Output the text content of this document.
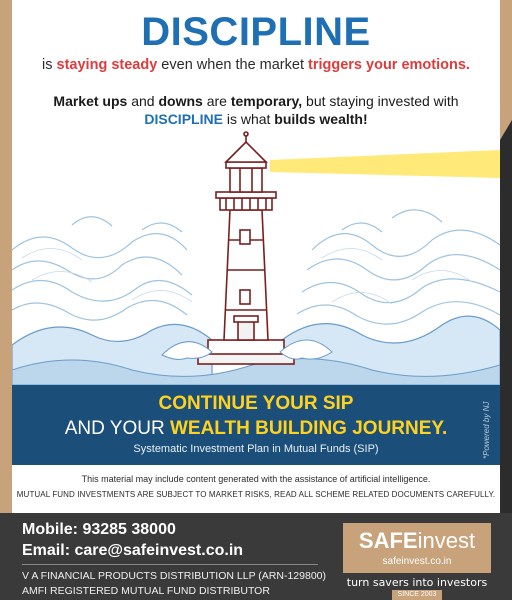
DISCIPLINE
is staying steady even when the market triggers your emotions.
Market ups and downs are temporary, but staying invested with
DISCIPLINE is what builds wealth!
CONTINUE YOUR SIP
AND YOUR WEALTH BUILDING JOURNEY.
Systematic Investment Plan in Mutual Funds (SIP)	*Powered by NJ
This material may include content generated with the assistance of artificial intelligence.
MUTUAL FUND INVESTMENTS ARE SUBJECT TO MARKET RISKS, READ ALL SCHEME RELATED DOCUMENTS CAREFULLY.
Mobile: 93285 38000
Email: care@safeinvest.co.in
V A FINANCIAL PRODUCTS DISTRIBUTION LLP (ARN-129800)
AMFI REGISTERED MUTUAL FUND DISTRIBUTOR
SAFEinvest
safeinvest.co.in
turn savers into investors
SINCE 2003
